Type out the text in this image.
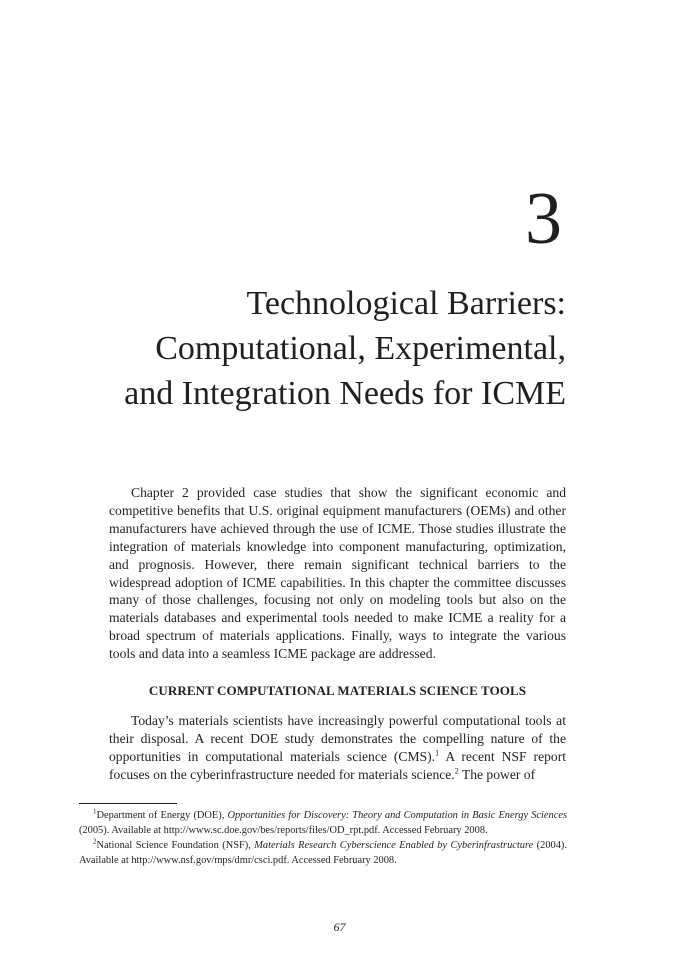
3
Technological Barriers:
Computational, Experimental,
and Integration Needs for ICME

Chapter 2 provided case studies that show the significant economic and competitive benefits that U.S. original equipment manufacturers (OEMs) and other manufacturers have achieved through the use of ICME. Those studies illustrate the integration of materials knowledge into component manufacturing, optimization, and prognosis. However, there remain significant technical barriers to the widespread adoption of ICME capabilities. In this chapter the committee discusses many of those challenges, focusing not only on modeling tools but also on the materials databases and experimental tools needed to make ICME a reality for a broad spectrum of materials applications. Finally, ways to integrate the various tools and data into a seamless ICME package are addressed.

CURRENT COMPUTATIONAL MATERIALS SCIENCE TOOLS

Today’s materials scientists have increasingly powerful computational tools at their disposal. A recent DOE study demonstrates the compelling nature of the opportunities in computational materials science (CMS).$^1$ A recent NSF report focuses on the cyberinfrastructure needed for materials science.$^2$ The power of

$^1$Department of Energy (DOE), Opportunities for Discovery: Theory and Computation in Basic Energy Sciences (2005). Available at http://www.sc.doe.gov/bes/reports/files/OD_rpt.pdf. Accessed February 2008.

$^2$National Science Foundation (NSF), Materials Research Cyberscience Enabled by Cyberinfrastructure (2004). Available at http://www.nsf.gov/mps/dmr/csci.pdf. Accessed February 2008.

67
